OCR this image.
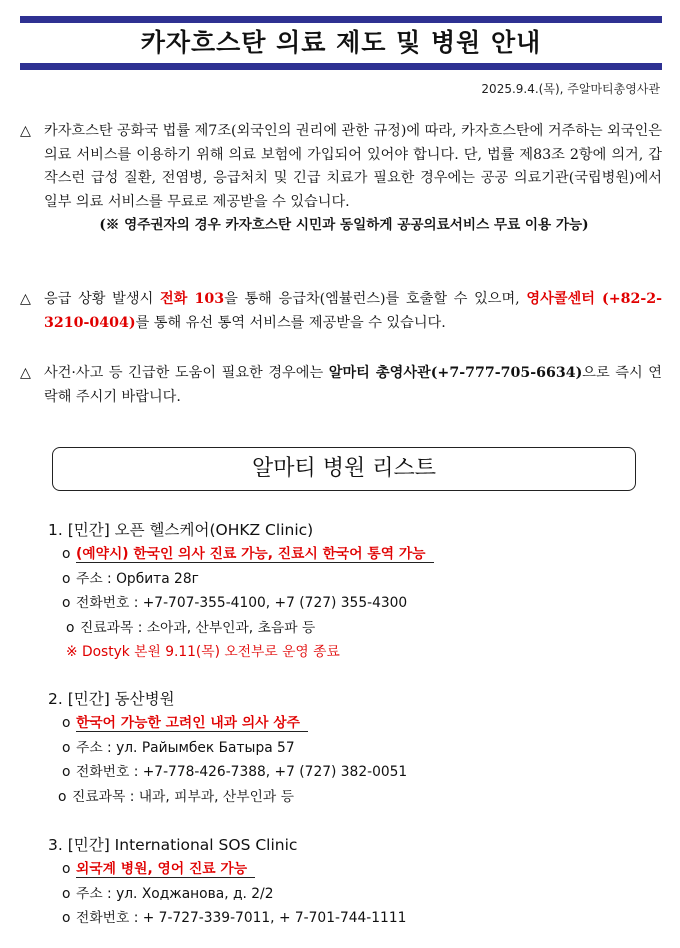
카자흐스탄 의료 제도 및 병원 안내
2025.9.4.(목), 주알마티총영사관
△ 카자흐스탄 공화국 법률 제7조(외국인의 권리에 관한 규정)에 따라, 카자흐스탄에 거주하는 외국인은 의료 서비스를 이용하기 위해 의료 보험에 가입되어 있어야 합니다. 단, 법률 제83조 2항에 의거, 갑작스런 급성 질환, 전염병, 응급처치 및 긴급 치료가 필요한 경우에는 공공 의료기관(국립병원)에서 일부 의료 서비스를 무료로 제공받을 수 있습니다.
(※ 영주권자의 경우 카자흐스탄 시민과 동일하게 공공의료서비스 무료 이용 가능)
△ 응급 상황 발생시 전화 103을 통해 응급차(엠뷸런스)를 호출할 수 있으며, 영사콜센터 (+82-2-3210-0404)를 통해 유선 통역 서비스를 제공받을 수 있습니다.
△ 사건·사고 등 긴급한 도움이 필요한 경우에는 알마티 총영사관(+7-777-705-6634)으로 즉시 연락해 주시기 바랍니다.
알마티 병원 리스트
1. [민간] 오픈 헬스케어(OHKZ Clinic)
o (예약시) 한국인 의사 진료 가능, 진료시 한국어 통역 가능
o 주소 : Орбита 28г
o 전화번호 : +7-707-355-4100, +7 (727) 355-4300
o 진료과목 : 소아과, 산부인과, 초음파 등
※ Dostyk 본원 9.11(목) 오전부로 운영 종료
2. [민간] 동산병원
o 한국어 가능한 고려인 내과 의사 상주
o 주소 : ул. Райымбек Батыра 57
o 전화번호 : +7-778-426-7388, +7 (727) 382-0051
o 진료과목 : 내과, 피부과, 산부인과 등
3. [민간] International SOS Clinic
o 외국계 병원, 영어 진료 가능
o 주소 : ул. Ходжанова, д. 2/2
o 전화번호 : + 7-727-339-7011, + 7-701-744-1111
